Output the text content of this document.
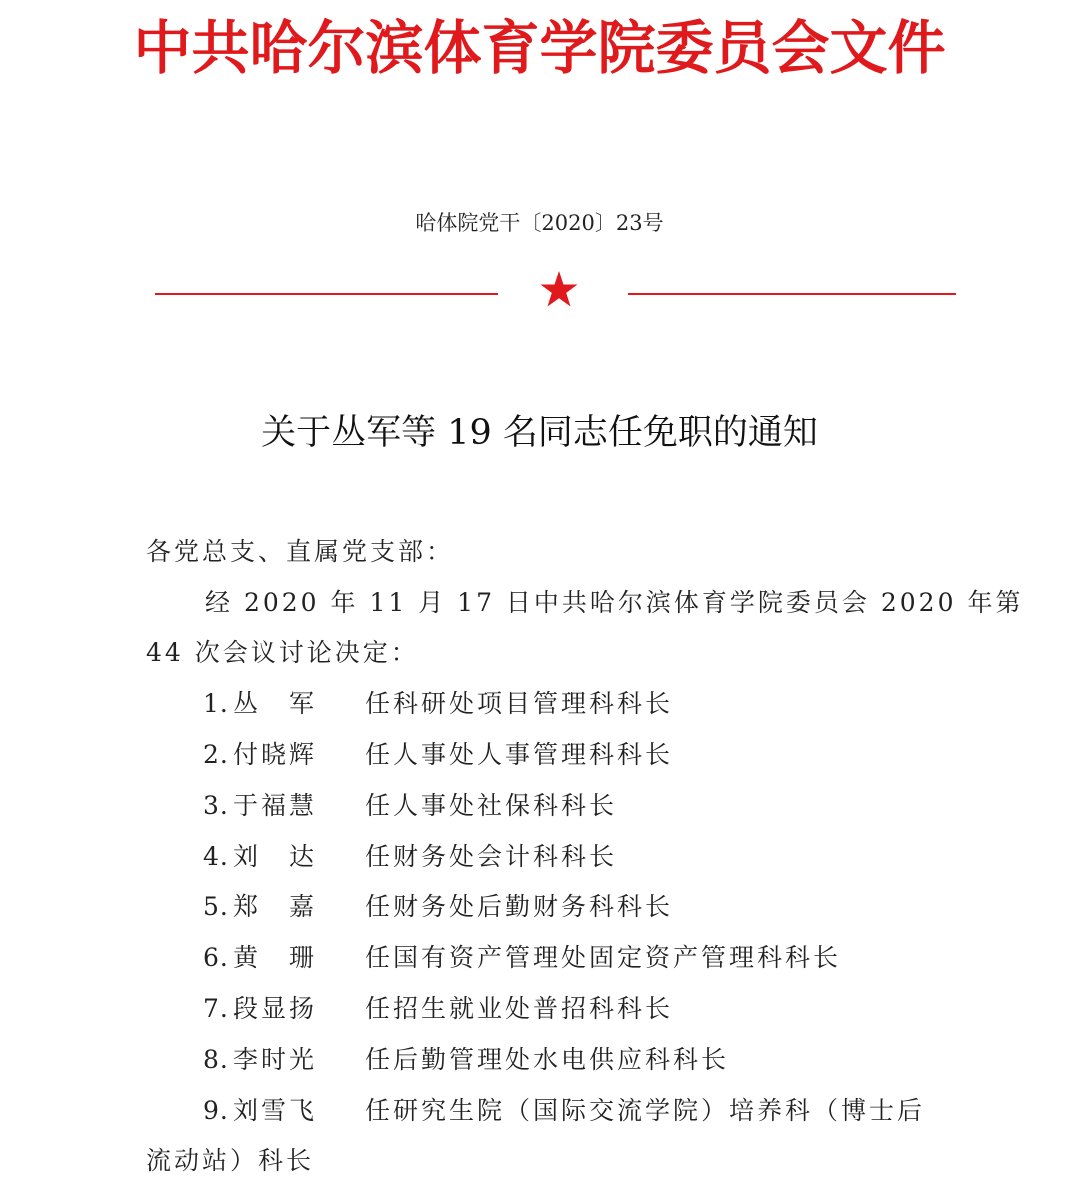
中共哈尔滨体育学院委员会文件
哈体院党干〔2020〕23号
关于丛军等 19 名同志任免职的通知
各党总支、直属党支部：
经 2020 年 11 月 17 日中共哈尔滨体育学院委员会 2020 年第
44 次会议讨论决定：
1. 丛　军 任科研处项目管理科科长
2. 付晓辉 任人事处人事管理科科长
3. 于福慧 任人事处社保科科长
4. 刘　达 任财务处会计科科长
5. 郑　嘉 任财务处后勤财务科科长
6. 黄　珊 任国有资产管理处固定资产管理科科长
7. 段显扬 任招生就业处普招科科长
8. 李时光 任后勤管理处水电供应科科长
9. 刘雪飞 任研究生院（国际交流学院）培养科（博士后
流动站）科长
